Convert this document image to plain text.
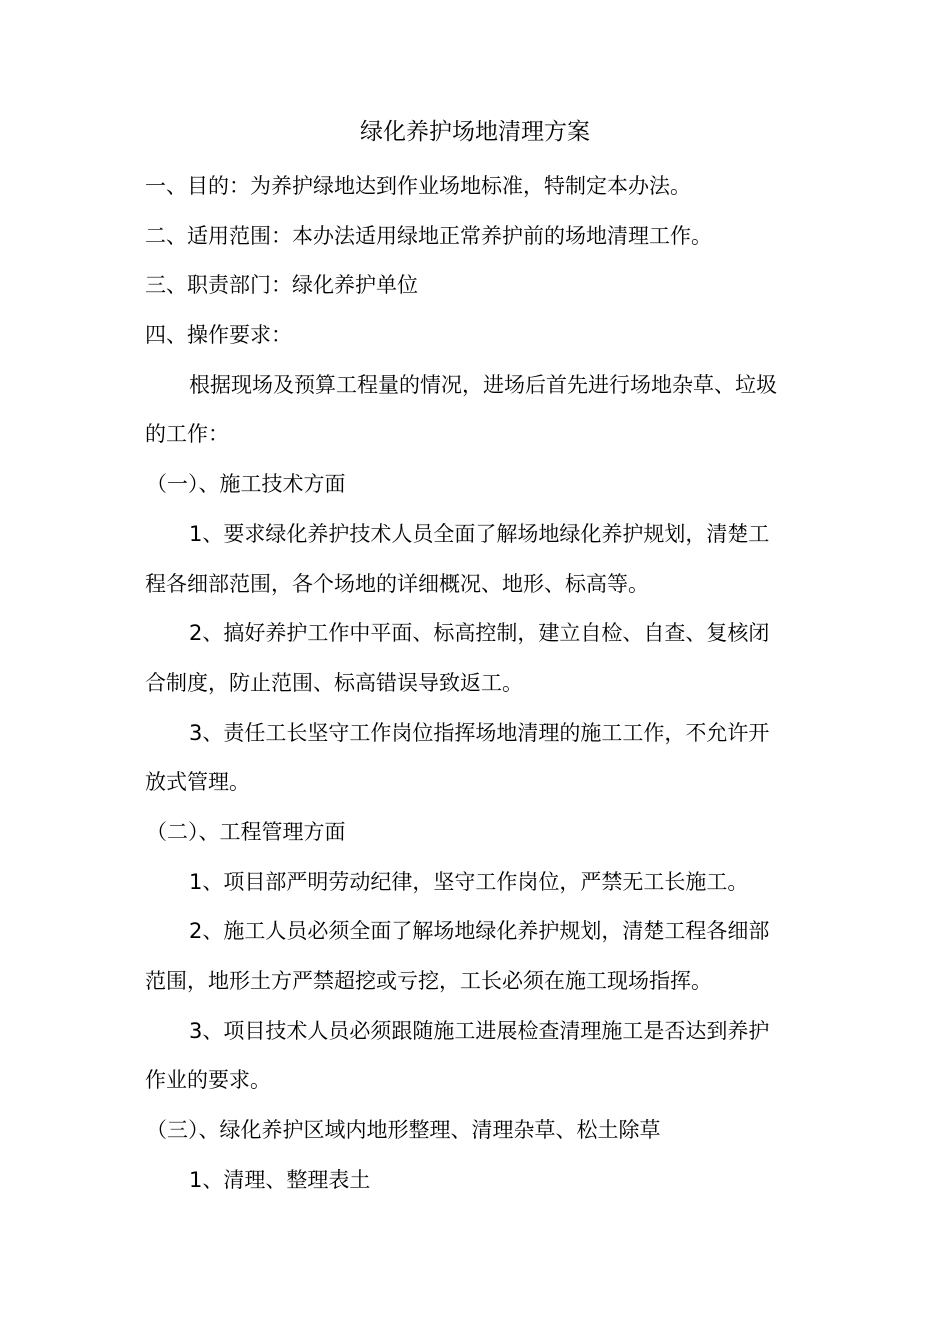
绿化养护场地清理方案
一、目的：为养护绿地达到作业场地标准，特制定本办法。
二、适用范围：本办法适用绿地正常养护前的场地清理工作。
三、职责部门：绿化养护单位
四、操作要求：
根据现场及预算工程量的情况，进场后首先进行场地杂草、垃圾
的工作：
（一）、施工技术方面
1、要求绿化养护技术人员全面了解场地绿化养护规划，清楚工
程各细部范围，各个场地的详细概况、地形、标高等。
2、搞好养护工作中平面、标高控制，建立自检、自查、复核闭
合制度，防止范围、标高错误导致返工。
3、责任工长坚守工作岗位指挥场地清理的施工工作，不允许开
放式管理。
（二）、工程管理方面
1、项目部严明劳动纪律，坚守工作岗位，严禁无工长施工。
2、施工人员必须全面了解场地绿化养护规划，清楚工程各细部
范围，地形土方严禁超挖或亏挖，工长必须在施工现场指挥。
3、项目技术人员必须跟随施工进展检查清理施工是否达到养护
作业的要求。
（三）、绿化养护区域内地形整理、清理杂草、松土除草
1、清理、整理表土
